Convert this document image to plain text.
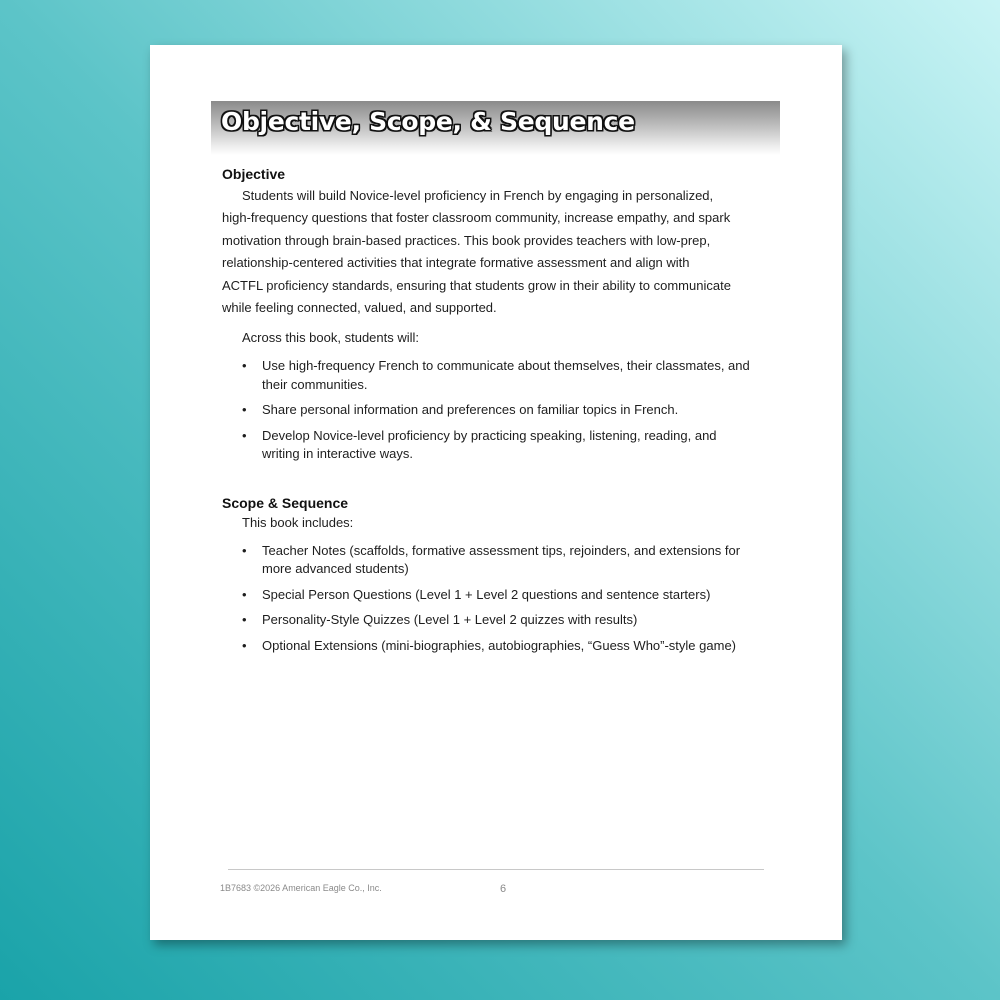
Objective, Scope, & Sequence
Objective
Students will build Novice-level proficiency in French by engaging in personalized,
high-frequency questions that foster classroom community, increase empathy, and spark
motivation through brain-based practices. This book provides teachers with low-prep,
relationship-centered activities that integrate formative assessment and align with
ACTFL proficiency standards, ensuring that students grow in their ability to communicate
while feeling connected, valued, and supported.
Across this book, students will:
• Use high-frequency French to communicate about themselves, their classmates, and
their communities.
• Share personal information and preferences on familiar topics in French.
• Develop Novice-level proficiency by practicing speaking, listening, reading, and
writing in interactive ways.
Scope & Sequence
This book includes:
• Teacher Notes (scaffolds, formative assessment tips, rejoinders, and extensions for
more advanced students)
• Special Person Questions (Level 1 + Level 2 questions and sentence starters)
• Personality-Style Quizzes (Level 1 + Level 2 quizzes with results)
• Optional Extensions (mini-biographies, autobiographies, “Guess Who”-style game)
1B7683 ©2026 American Eagle Co., Inc.	6
